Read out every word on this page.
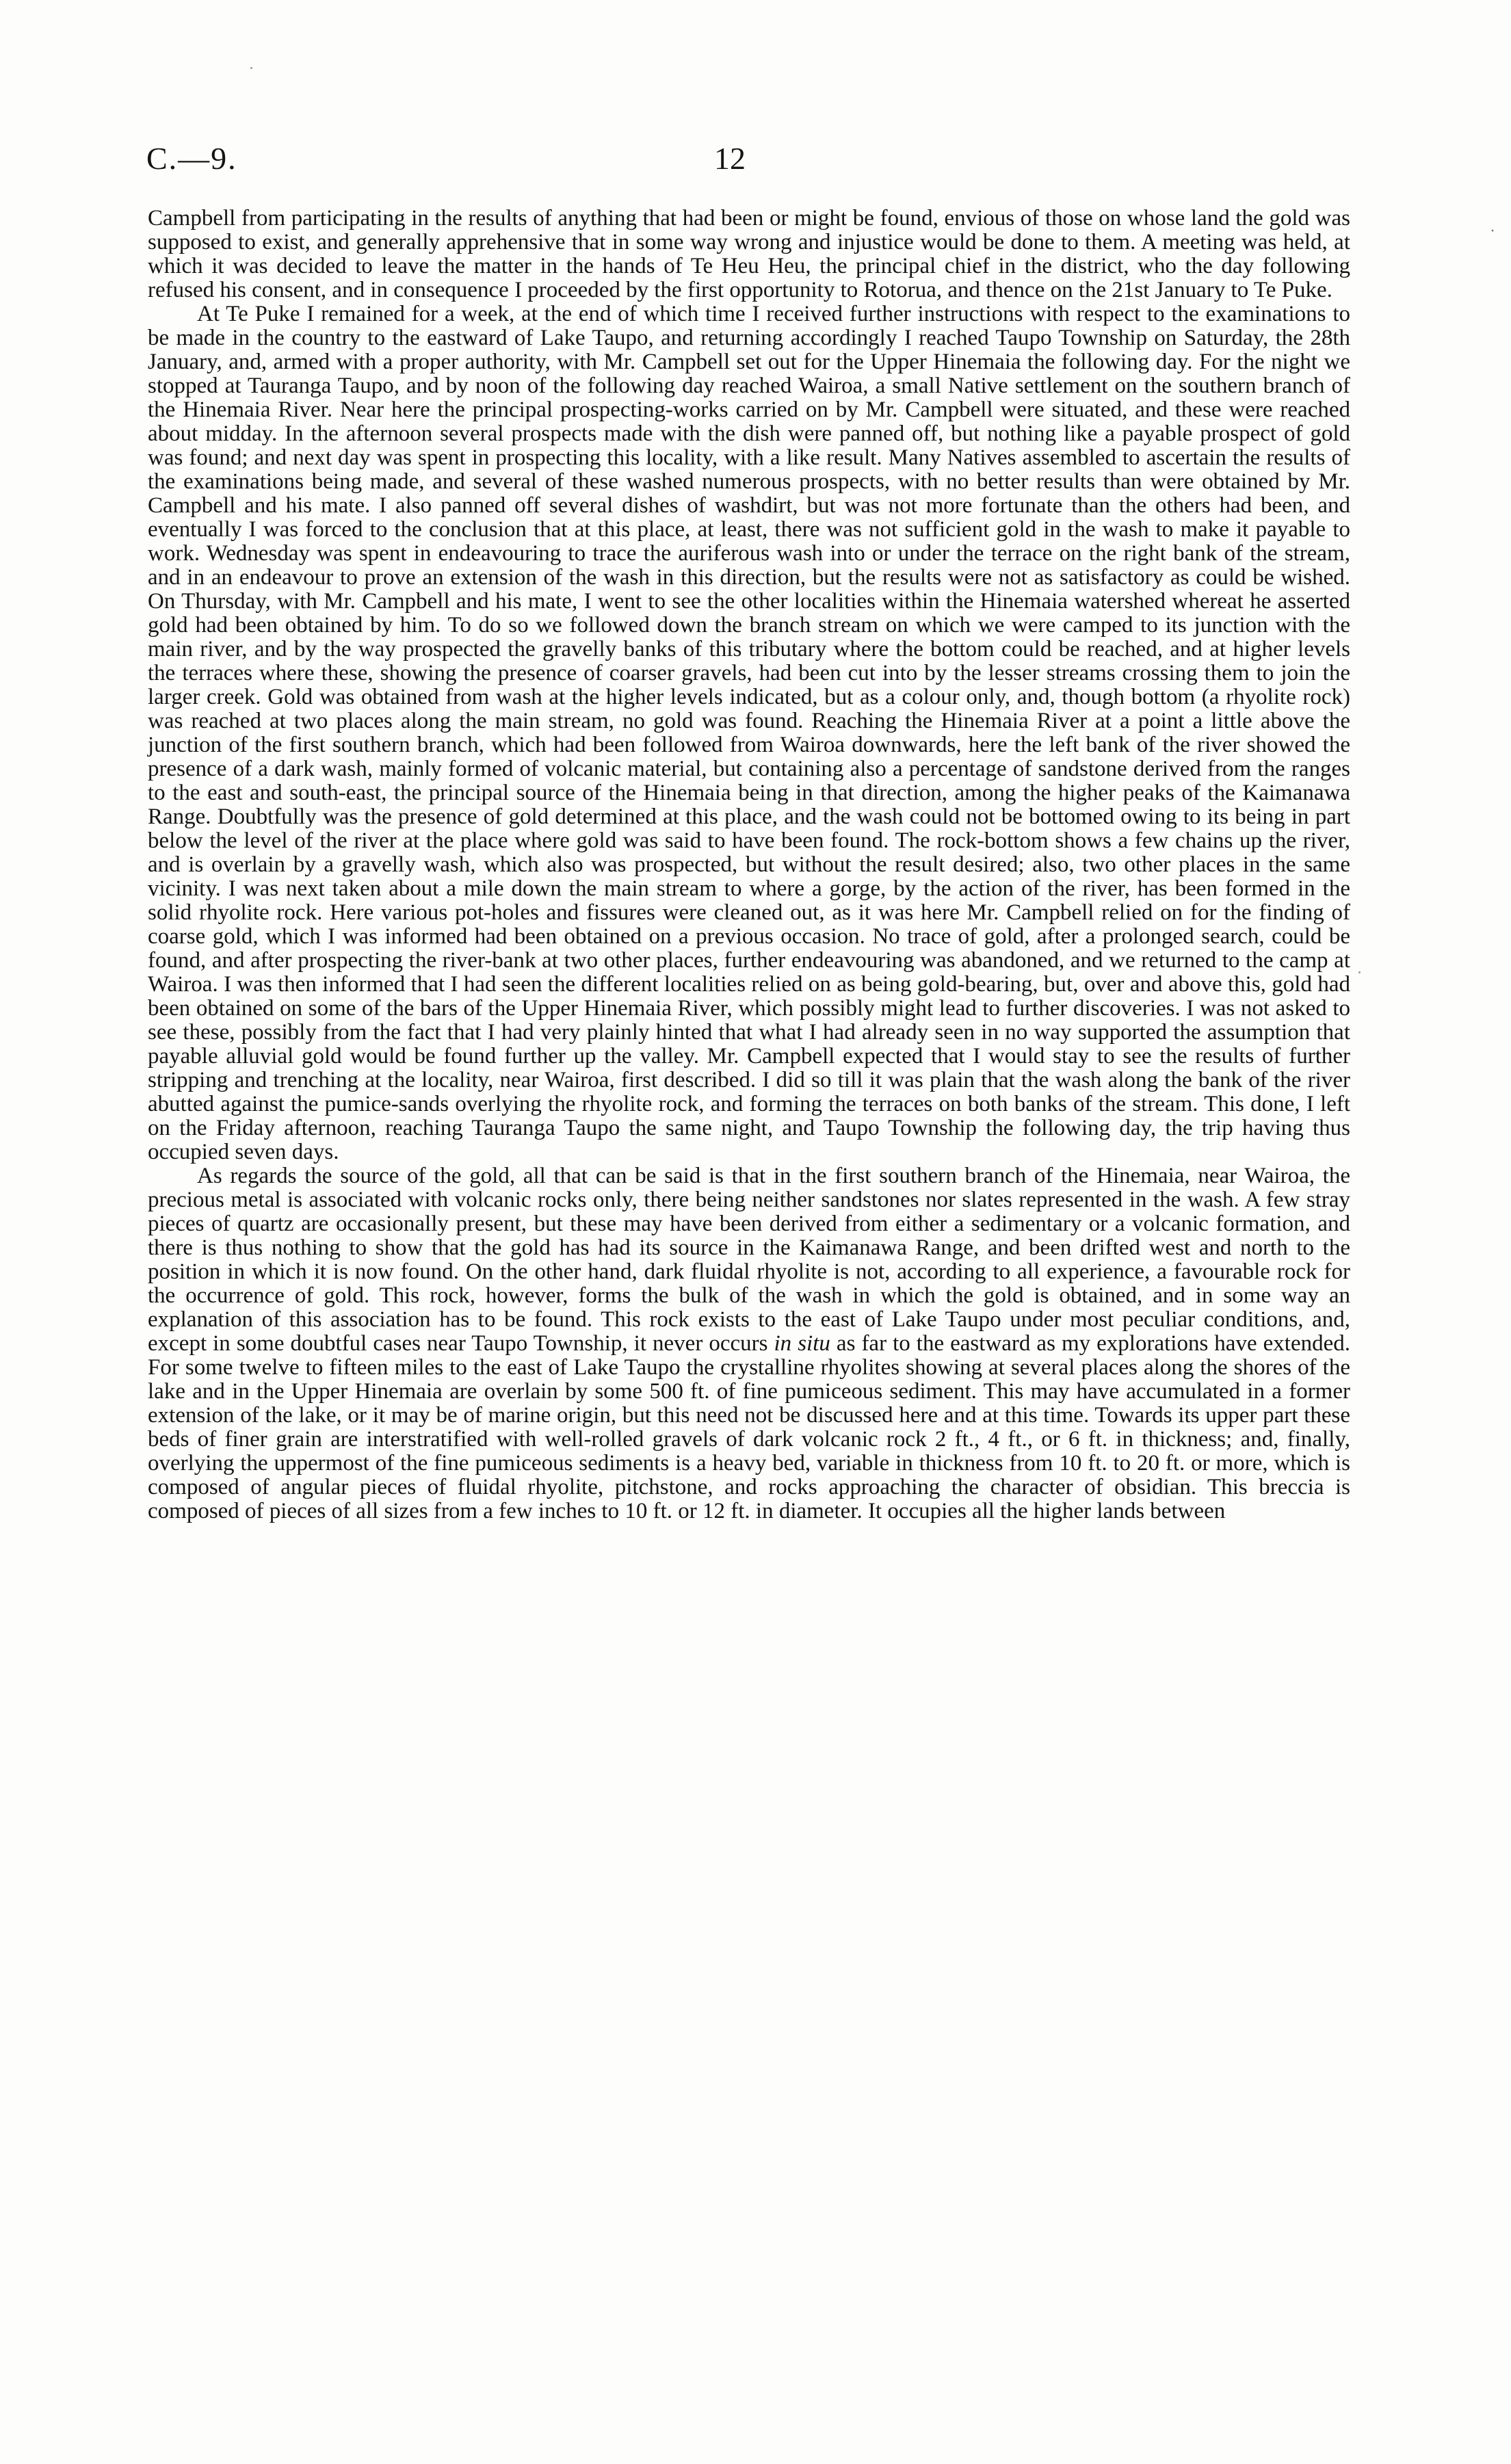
C.—9.	12
·

Campbell from participating in the results of anything that had been or might be found, envious of those on whose land the gold was supposed to exist, and generally apprehensive that in some way wrong and injustice would be done to them. A meeting was held, at which it was decided to leave the matter in the hands of Te Heu Heu, the principal chief in the district, who the day following refused his consent, and in consequence I proceeded by the first opportunity to Rotorua, and thence on the 21st January to Te Puke.

At Te Puke I remained for a week, at the end of which time I received further instructions with respect to the examinations to be made in the country to the eastward of Lake Taupo, and returning accordingly I reached Taupo Township on Saturday, the 28th January, and, armed with a proper authority, with Mr. Campbell set out for the Upper Hinemaia the following day. For the night we stopped at Tauranga Taupo, and by noon of the following day reached Wairoa, a small Native settlement on the southern branch of the Hinemaia River. Near here the principal prospecting-works carried on by Mr. Campbell were situated, and these were reached about midday. In the afternoon several prospects made with the dish were panned off, but nothing like a payable prospect of gold was found; and next day was spent in prospecting this locality, with a like result. Many Natives assembled to ascertain the results of the examinations being made, and several of these washed numerous prospects, with no better results than were obtained by Mr. Campbell and his mate. I also panned off several dishes of washdirt, but was not more fortunate than the others had been, and eventually I was forced to the conclusion that at this place, at least, there was not sufficient gold in the wash to make it payable to work. Wednesday was spent in endeavouring to trace the auriferous wash into or under the terrace on the right bank of the stream, and in an endeavour to prove an extension of the wash in this direction, but the results were not as satisfactory as could be wished. On Thursday, with Mr. Campbell and his mate, I went to see the other localities within the Hinemaia watershed whereat he asserted gold had been obtained by him. To do so we followed down the branch stream on which we were camped to its junction with the main river, and by the way prospected the gravelly banks of this tributary where the bottom could be reached, and at higher levels the terraces where these, showing the presence of coarser gravels, had been cut into by the lesser streams crossing them to join the larger creek. Gold was obtained from wash at the higher levels indicated, but as a colour only, and, though bottom (a rhyolite rock) was reached at two places along the main stream, no gold was found. Reaching the Hinemaia River at a point a little above the junction of the first southern branch, which had been followed from Wairoa downwards, here the left bank of the river showed the presence of a dark wash, mainly formed of volcanic material, but containing also a percentage of sandstone derived from the ranges to the east and south-east, the principal source of the Hinemaia being in that direction, among the higher peaks of the Kaimanawa Range. Doubtfully was the presence of gold determined at this place, and the wash could not be bottomed owing to its being in part below the level of the river at the place where gold was said to have been found. The rock-bottom shows a few chains up the river, and is overlain by a gravelly wash, which also was prospected, but without the result desired; also, two other places in the same vicinity. I was next taken about a mile down the main stream to where a gorge, by the action of the river, has been formed in the solid rhyolite rock. Here various pot-holes and fissures were cleaned out, as it was here Mr. Campbell relied on for the finding of coarse gold, which I was informed had been obtained on a previous occasion. No trace of gold, after a prolonged search, could be found, and after prospecting the river-bank at two other places, further endeavouring was abandoned, and we returned to the camp at Wairoa. I was then informed that I had seen the different localities relied on as being gold-bearing, but, over and above this, gold had been obtained on some of the bars of the Upper Hinemaia River, which possibly might lead to further discoveries. I was not asked to see these, possibly from the fact that I had very plainly hinted that what I had already seen in no way supported the assumption that payable alluvial gold would be found further up the valley. Mr. Campbell expected that I would stay to see the results of further stripping and trenching at the locality, near Wairoa, first described. I did so till it was plain that the wash along the bank of the river abutted against the pumice-sands overlying the rhyolite rock, and forming the terraces on both banks of the stream. This done, I left on the Friday afternoon, reaching Tauranga Taupo the same night, and Taupo Township the following day, the trip having thus occupied seven days.

As regards the source of the gold, all that can be said is that in the first southern branch of the Hinemaia, near Wairoa, the precious metal is associated with volcanic rocks only, there being neither sandstones nor slates represented in the wash. A few stray pieces of quartz are occasionally present, but these may have been derived from either a sedimentary or a volcanic formation, and there is thus nothing to show that the gold has had its source in the Kaimanawa Range, and been drifted west and north to the position in which it is now found. On the other hand, dark fluidal rhyolite is not, according to all experience, a favourable rock for the occurrence of gold. This rock, however, forms the bulk of the wash in which the gold is obtained, and in some way an explanation of this association has to be found. This rock exists to the east of Lake Taupo under most peculiar conditions, and, except in some doubtful cases near Taupo Township, it never occurs in situ as far to the eastward as my explorations have extended. For some twelve to fifteen miles to the east of Lake Taupo the crystalline rhyolites showing at several places along the shores of the lake and in the Upper Hinemaia are overlain by some 500 ft. of fine pumiceous sediment. This may have accumulated in a former extension of the lake, or it may be of marine origin, but this need not be discussed here and at this time. Towards its upper part these beds of finer grain are interstratified with well-rolled gravels of dark volcanic rock 2 ft., 4 ft., or 6 ft. in thickness; and, finally, overlying the uppermost of the fine pumiceous sediments is a heavy bed, variable in thickness from 10 ft. to 20 ft. or more, which is composed of angular pieces of fluidal rhyolite, pitchstone, and rocks approaching the character of obsidian. This breccia is composed of pieces of all sizes from a few inches to 10 ft. or 12 ft. in diameter. It occupies all the higher lands between
